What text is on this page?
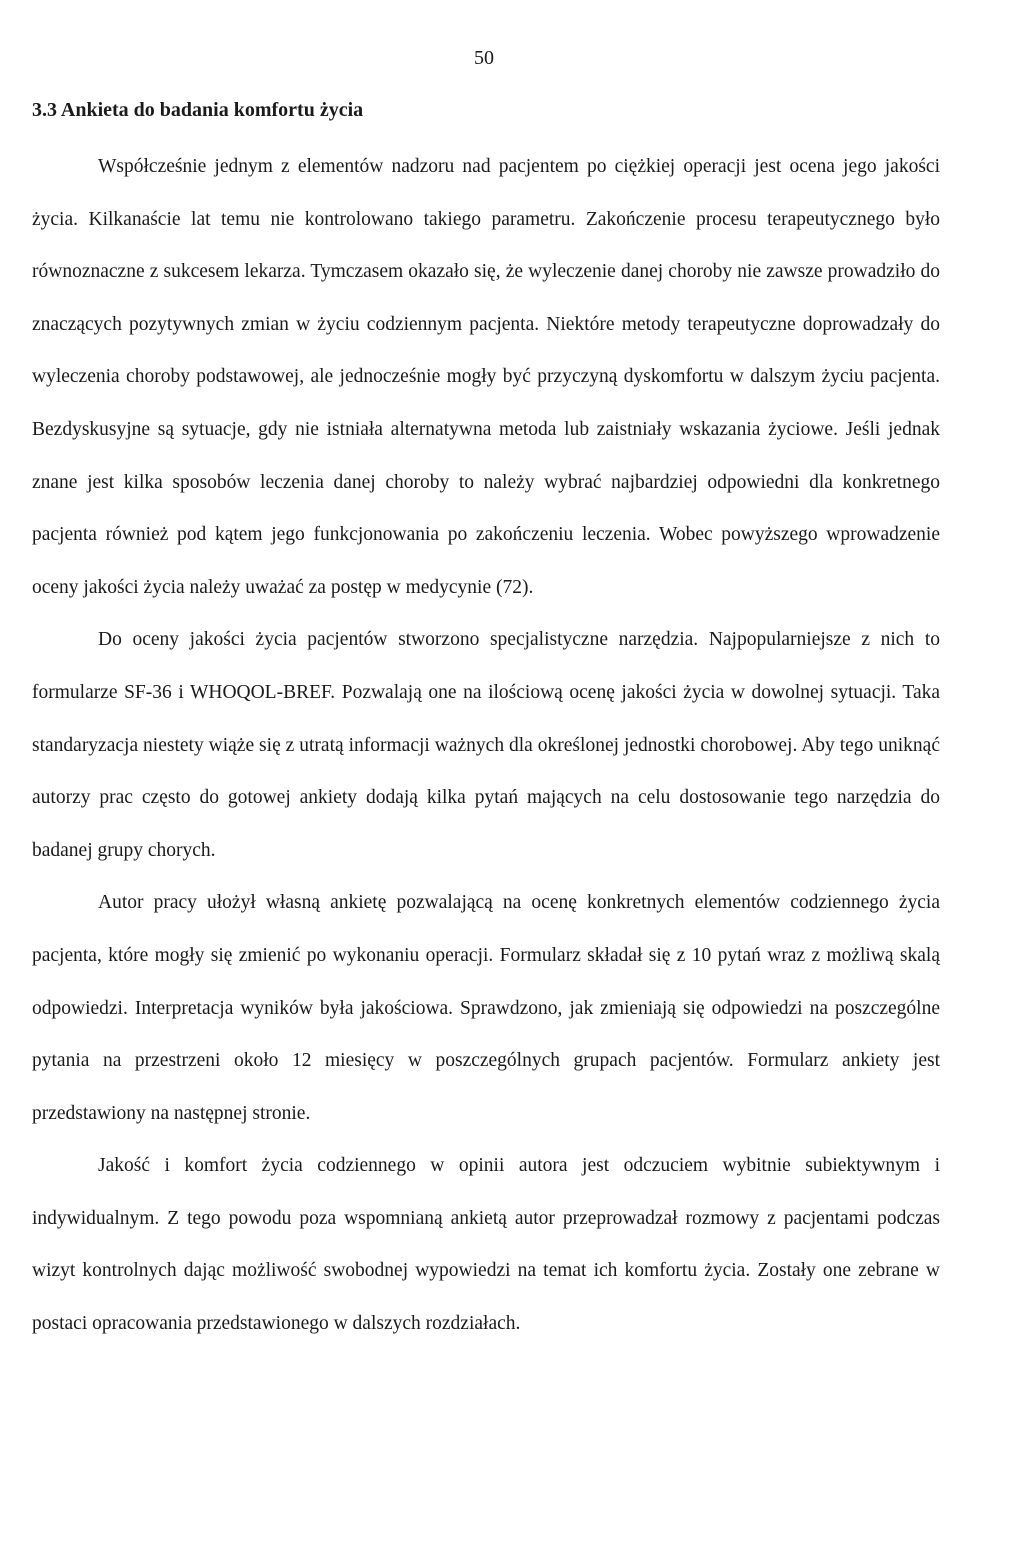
50
3.3 Ankieta do badania komfortu życia

Współcześnie jednym z elementów nadzoru nad pacjentem po ciężkiej operacji jest ocena jego jakości życia. Kilkanaście lat temu nie kontrolowano takiego parametru. Zakończenie procesu terapeutycznego było równoznaczne z sukcesem lekarza. Tymczasem okazało się, że wyleczenie danej choroby nie zawsze prowadziło do znaczących pozytywnych zmian w życiu codziennym pacjenta. Niektóre metody terapeutyczne doprowadzały do wyleczenia choroby podstawowej, ale jednocześnie mogły być przyczyną dyskomfortu w dalszym życiu pacjenta. Bezdyskusyjne są sytuacje, gdy nie istniała alternatywna metoda lub zaistniały wskazania życiowe. Jeśli jednak znane jest kilka sposobów leczenia danej choroby to należy wybrać najbardziej odpowiedni dla konkretnego pacjenta również pod kątem jego funkcjonowania po zakończeniu leczenia. Wobec powyższego wprowadzenie oceny jakości życia należy uważać za postęp w medycynie (72).

Do oceny jakości życia pacjentów stworzono specjalistyczne narzędzia. Najpopularniejsze z nich to formularze SF-36 i WHOQOL-BREF. Pozwalają one na ilościową ocenę jakości życia w dowolnej sytuacji. Taka standaryzacja niestety wiąże się z utratą informacji ważnych dla określonej jednostki chorobowej. Aby tego uniknąć autorzy prac często do gotowej ankiety dodają kilka pytań mających na celu dostosowanie tego narzędzia do badanej grupy chorych.

Autor pracy ułożył własną ankietę pozwalającą na ocenę konkretnych elementów codziennego życia pacjenta, które mogły się zmienić po wykonaniu operacji. Formularz składał się z 10 pytań wraz z możliwą skalą odpowiedzi. Interpretacja wyników była jakościowa. Sprawdzono, jak zmieniają się odpowiedzi na poszczególne pytania na przestrzeni około 12 miesięcy w poszczególnych grupach pacjentów. Formularz ankiety jest przedstawiony na następnej stronie.

Jakość i komfort życia codziennego w opinii autora jest odczuciem wybitnie subiektywnym i indywidualnym. Z tego powodu poza wspomnianą ankietą autor przeprowadzał rozmowy z pacjentami podczas wizyt kontrolnych dając możliwość swobodnej wypowiedzi na temat ich komfortu życia. Zostały one zebrane w postaci opracowania przedstawionego w dalszych rozdziałach.
